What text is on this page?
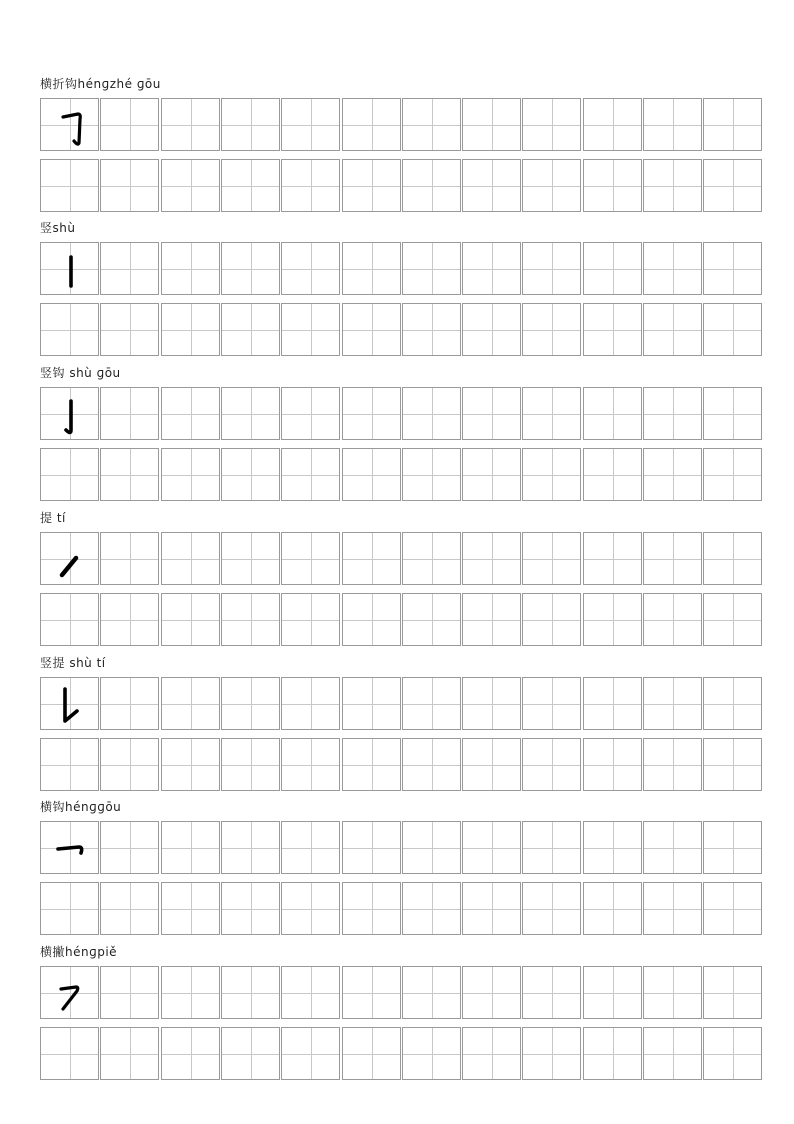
横折钩hénɡzhé ɡōu
竖shù
竖钩 shù ɡōu
提 tí
竖提 shù tí
横钩hénɡɡōu
横撇hénɡpiě
